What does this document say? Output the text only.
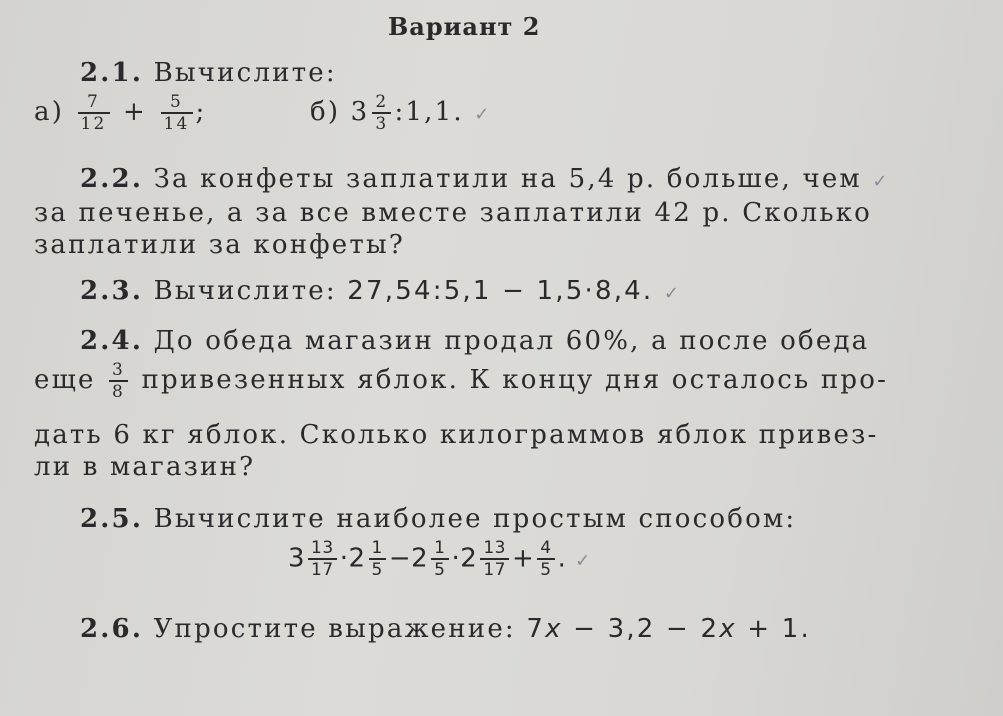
Вариант 2
2.1. Вычислите:
$а) \frac{7}{12} + \frac{5}{14}$ ;	б) $3 \frac{2}{3}$ :1,1. ✓
2.2. За конфеты заплатили на 5,4 р. больше, чем ✓
за печенье, а за все вместе заплатили 42 р. Сколько
заплатили за конфеты?
2.3. Вычислите: 27,54:5,1 − 1,5·8,4. ✓
2.4. До обеда магазин продал 60%, а после обеда
еще $\frac{3}{8}$ привезенных яблок. К концу дня осталось про-
дать 6 кг яблок. Сколько килограммов яблок привез-
ли в магазин?
2.5. Вычислите наиболее простым способом:
$3 \frac{13}{17} \cdot 2 \frac{1}{5} -2 \frac{1}{5} \cdot 2 \frac{13}{17} + \frac{4}{5}$ . ✓
2.6. Упростите выражение: 7x − 3,2 − 2x + 1.
